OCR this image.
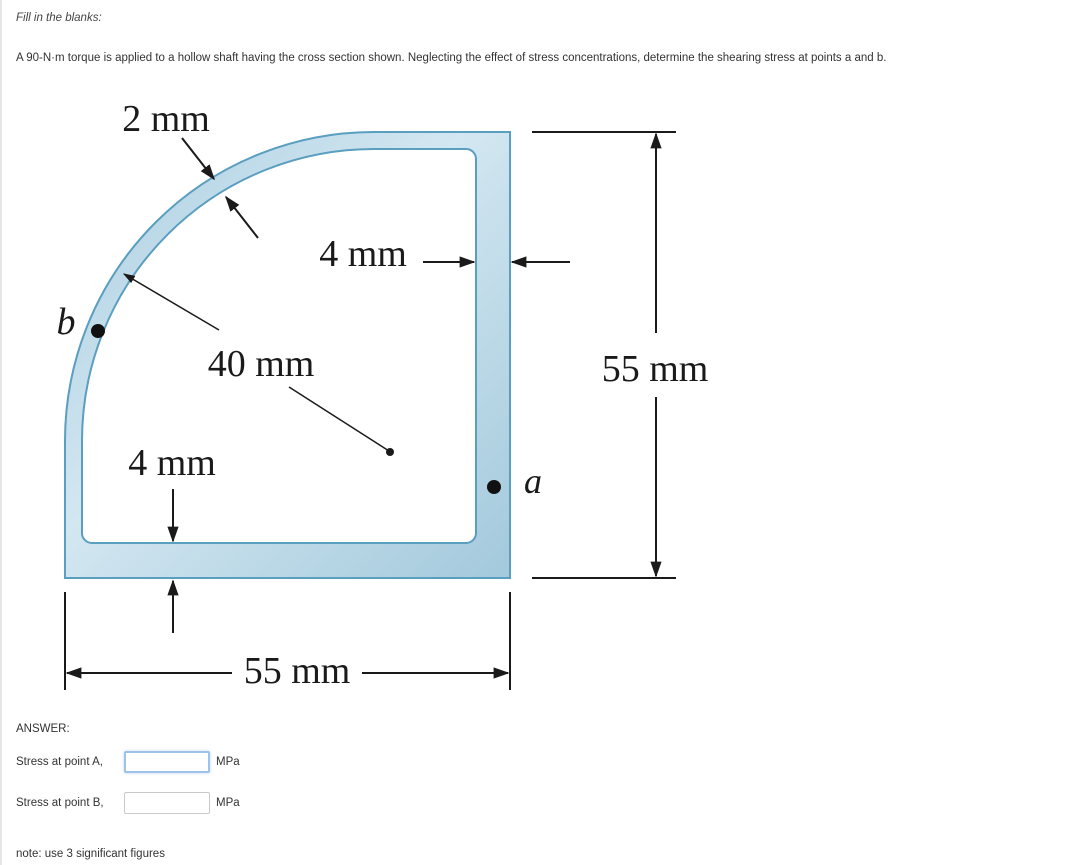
Fill in the blanks:
A 90-N·m torque is applied to a hollow shaft having the cross section shown. Neglecting the effect of stress concentrations, determine the shearing stress at points a and b.
2 mm
4 mm
40 mm
b
a
4 mm
55 mm
55 mm
ANSWER:
Stress at point A,	MPa
Stress at point B,	MPa
note: use 3 significant figures
